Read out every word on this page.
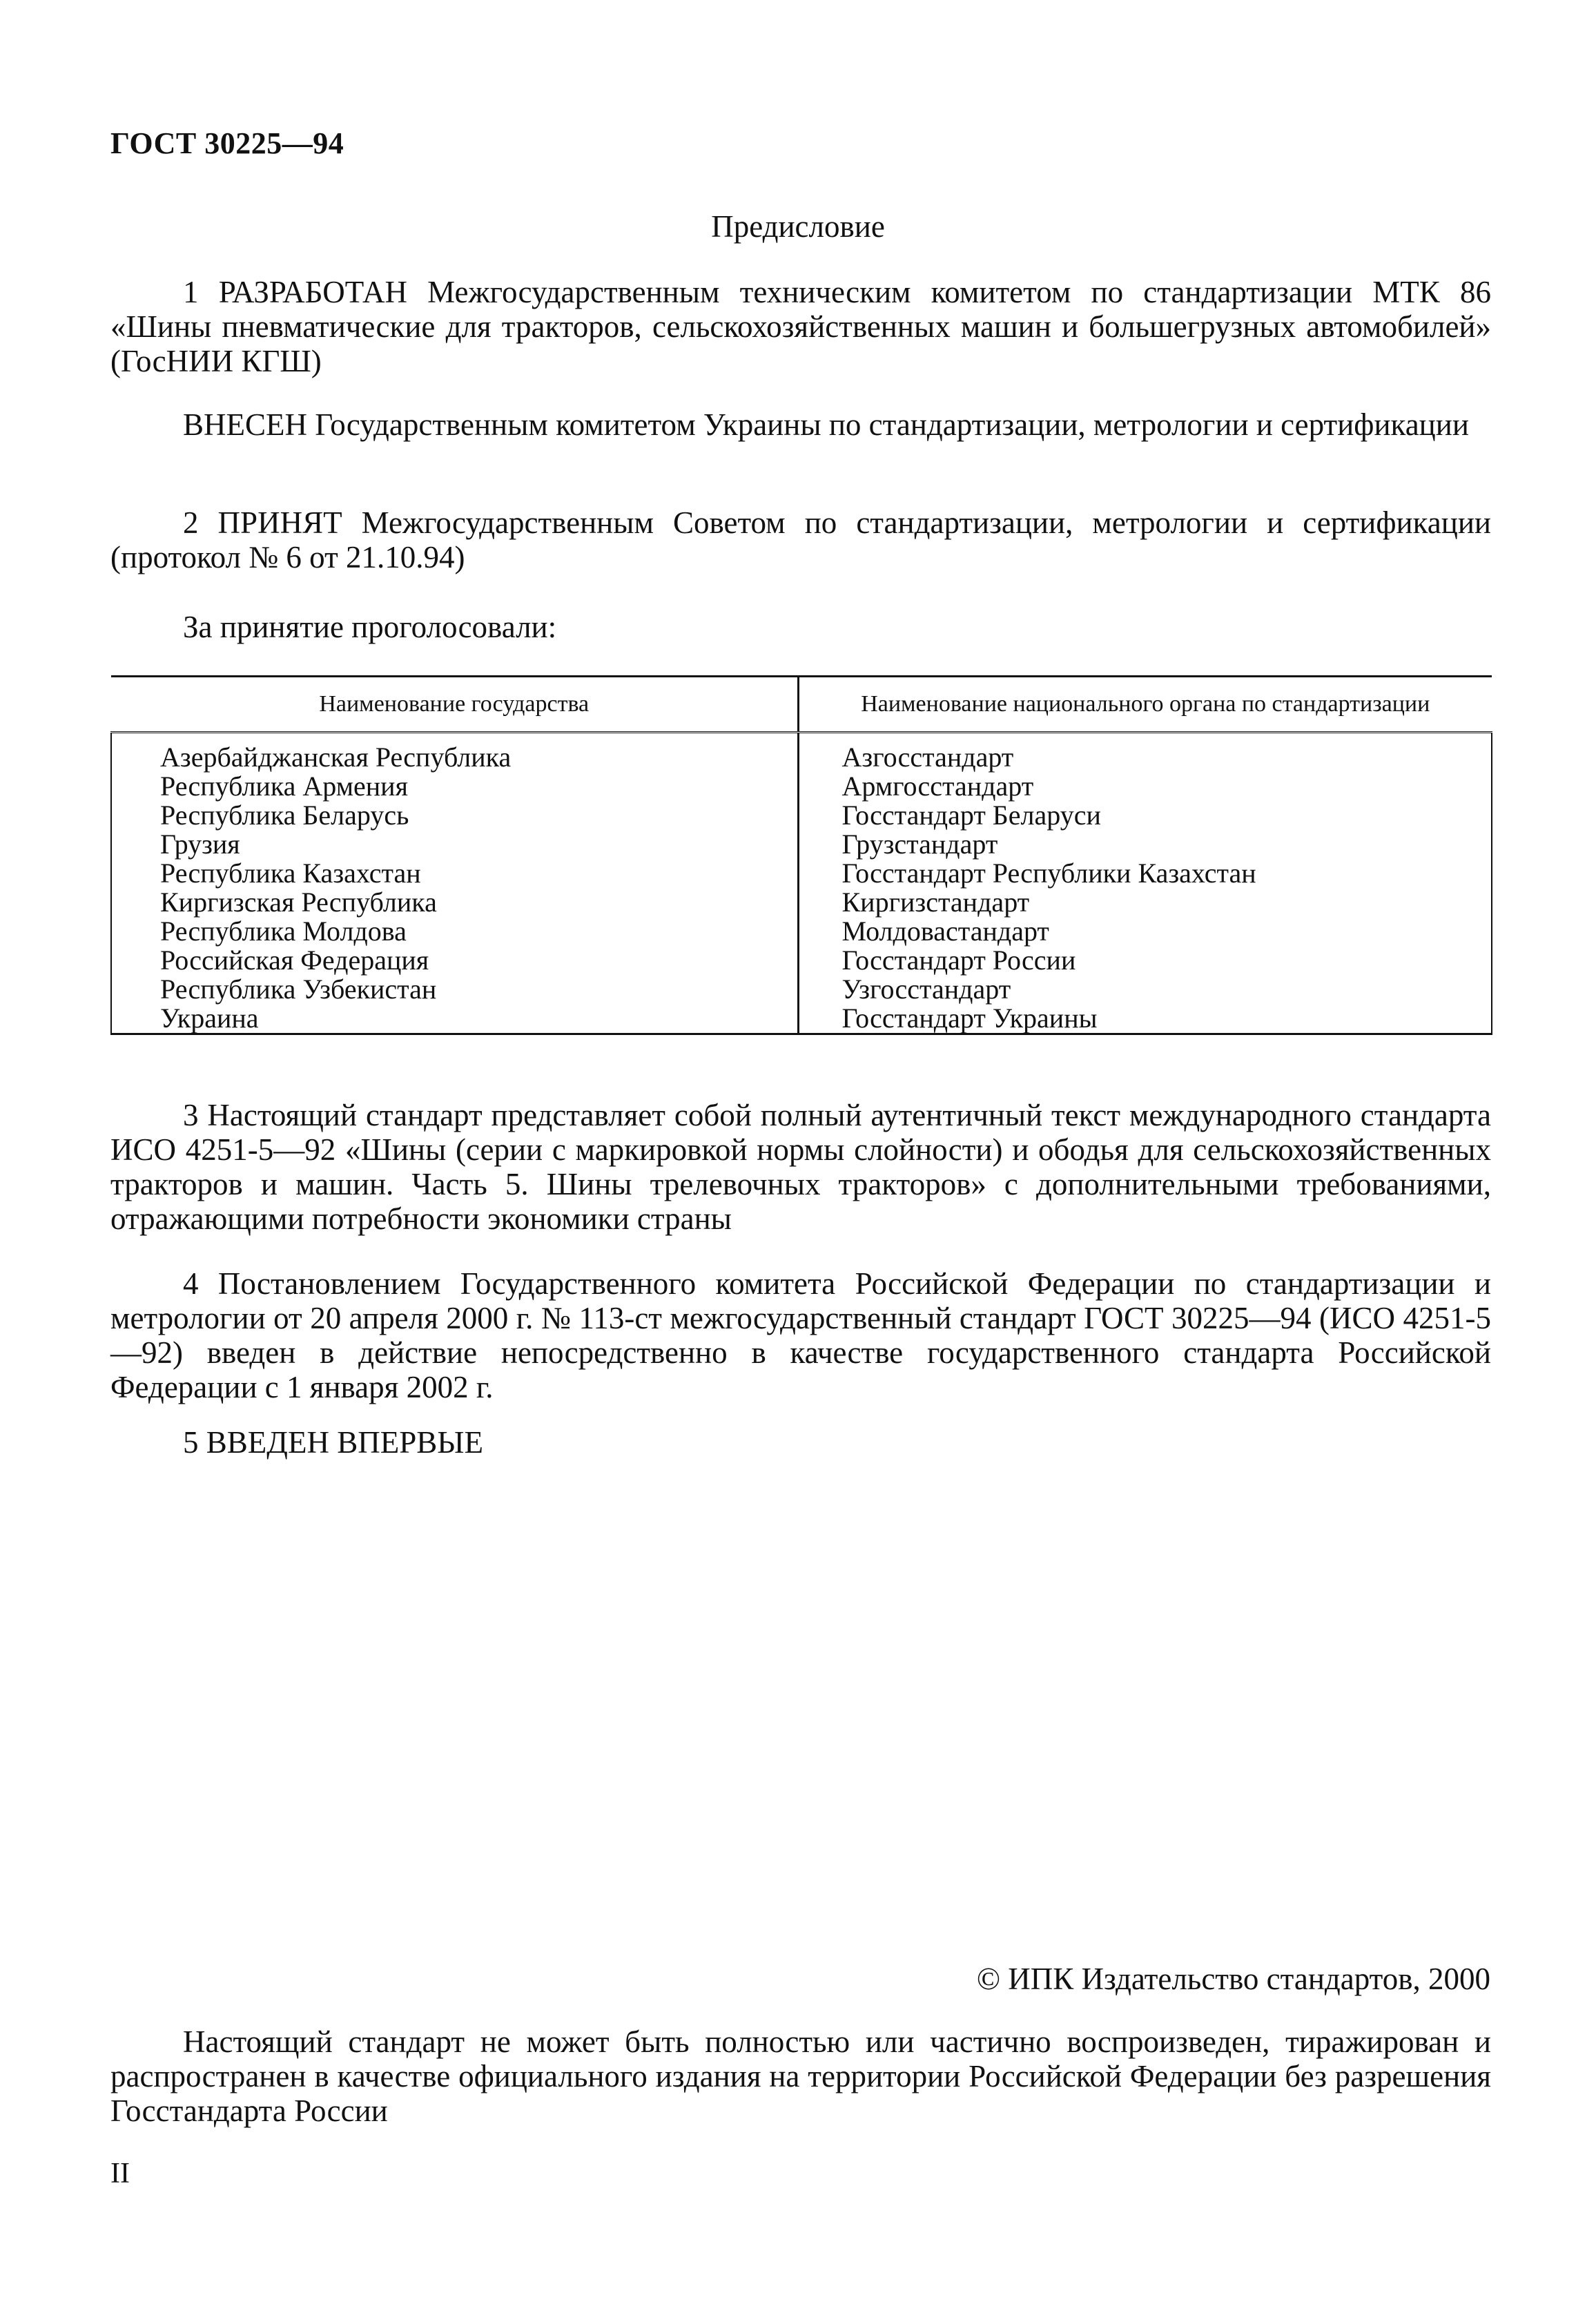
ГОСТ 30225—94
Предисловие

1 РАЗРАБОТАН Межгосударственным техническим комитетом по стандартизации МТК 86 «Шины пневматические для тракторов, сельскохозяйственных машин и большегрузных автомобилей» (ГосНИИ КГШ)

ВНЕСЕН Государственным комитетом Украины по стандартизации, метрологии и сертификации

2 ПРИНЯТ Межгосударственным Советом по стандартизации, метрологии и сертификации (протокол № 6 от 21.10.94)

За принятие проголосовали:
Наименование государства	Наименование национального органа по стандартизации
Азербайджанская Республика	Азгосстандарт
Республика Армения	Армгосстандарт
Республика Беларусь	Госстандарт Беларуси
Грузия	Грузстандарт
Республика Казахстан	Госстандарт Республики Казахстан
Киргизская Республика	Киргизстандарт
Республика Молдова	Молдовастандарт
Российская Федерация	Госстандарт России
Республика Узбекистан	Узгосстандарт
Украина	Госстандарт Украины

3 Настоящий стандарт представляет собой полный аутентичный текст международного стандарта ИСО 4251-5—92 «Шины (серии с маркировкой нормы слойности) и ободья для сельскохозяйственных тракторов и машин. Часть 5. Шины трелевочных тракторов» с дополнительными требованиями, отражающими потребности экономики страны

4 Постановлением Государственного комитета Российской Федерации по стандартизации и метрологии от 20 апреля 2000 г. № 113-ст межгосударственный стандарт ГОСТ 30225—94 (ИСО 4251-5—92) введен в действие непосредственно в качестве государственного стандарта Российской Федерации с 1 января 2002 г.

5 ВВЕДЕН ВПЕРВЫЕ

© ИПК Издательство стандартов, 2000

Настоящий стандарт не может быть полностью или частично воспроизведен, тиражирован и распространен в качестве официального издания на территории Российской Федерации без разрешения Госстандарта России

II
